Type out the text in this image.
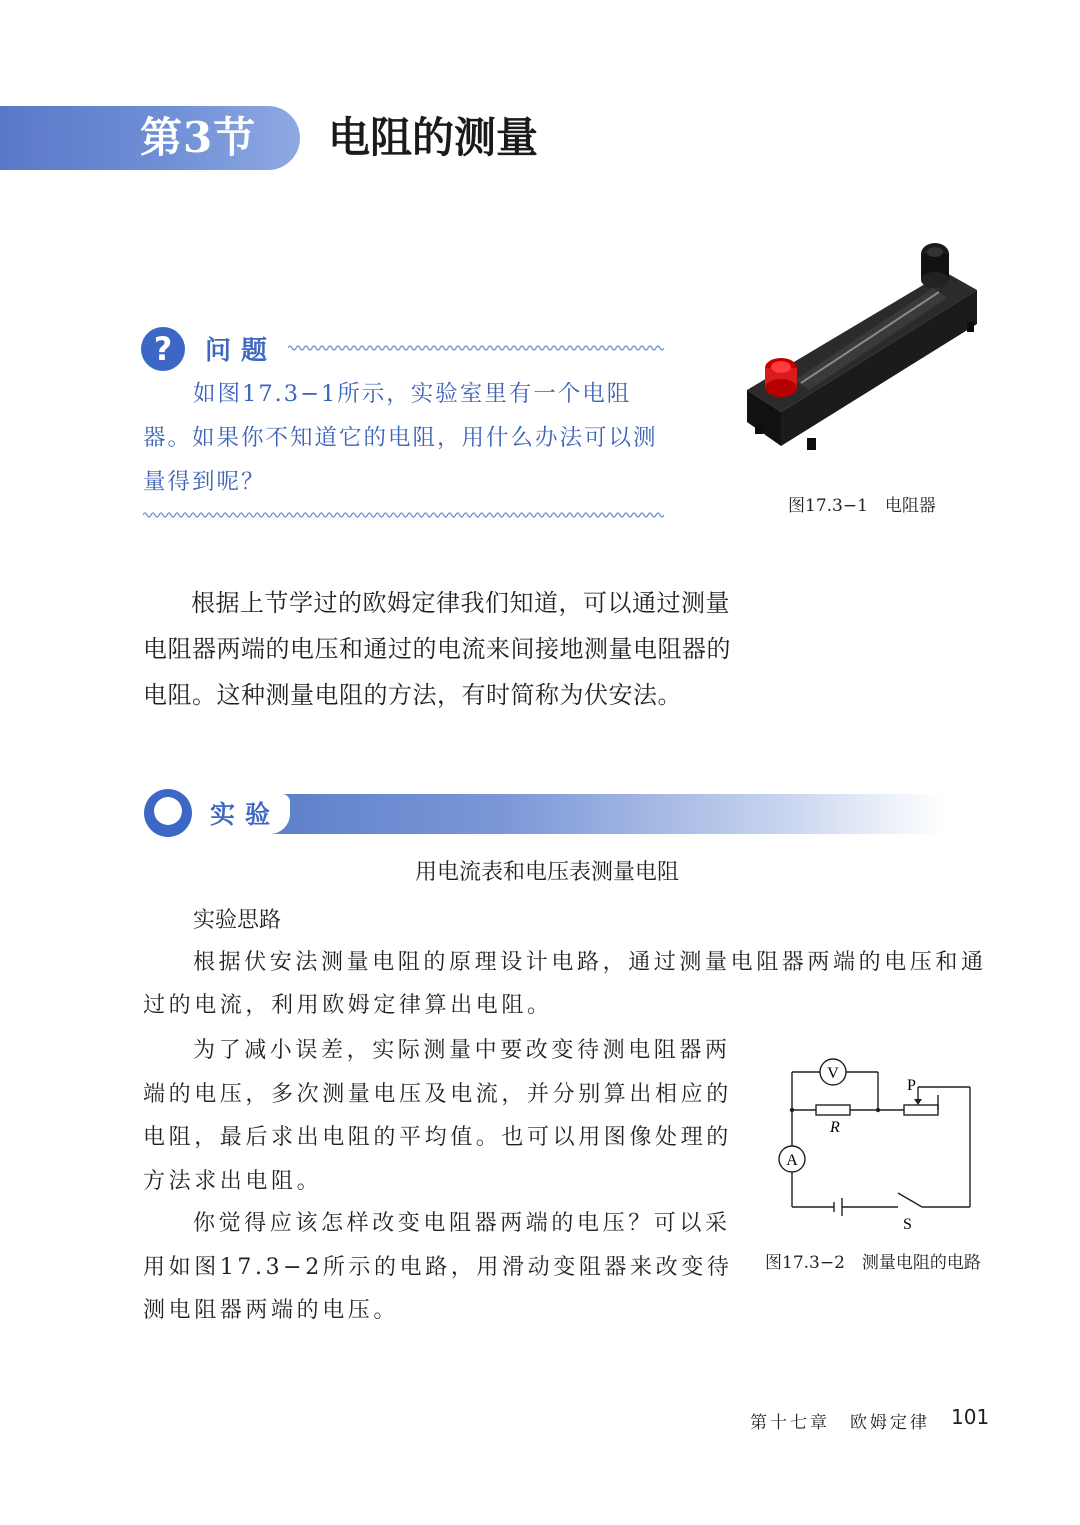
第3节 电阻的测量
?	问题
如图17.3−1所示，实验室里有一个电阻器。如果你不知道它的电阻，用什么办法可以测量得到呢？
图17.3−1　电阻器
根据上节学过的欧姆定律我们知道，可以通过测量电阻器两端的电压和通过的电流来间接地测量电阻器的电阻。这种测量电阻的方法，有时简称为伏安法。
实验
用电流表和电压表测量电阻
实验思路
根据伏安法测量电阻的原理设计电路，通过测量电阻器两端的电压和通过的电流，利用欧姆定律算出电阻。
为了减小误差，实际测量中要改变待测电阻器两端的电压，多次测量电压及电流，并分别算出相应的电阻，最后求出电阻的平均值。也可以用图像处理的方法求出电阻。
你觉得应该怎样改变电阻器两端的电压？可以采用如图17.3−2所示的电路，用滑动变阻器来改变待测电阻器两端的电压。
V
A
R
P
S
图17.3−2　测量电阻的电路
第十七章　欧姆定律 101
